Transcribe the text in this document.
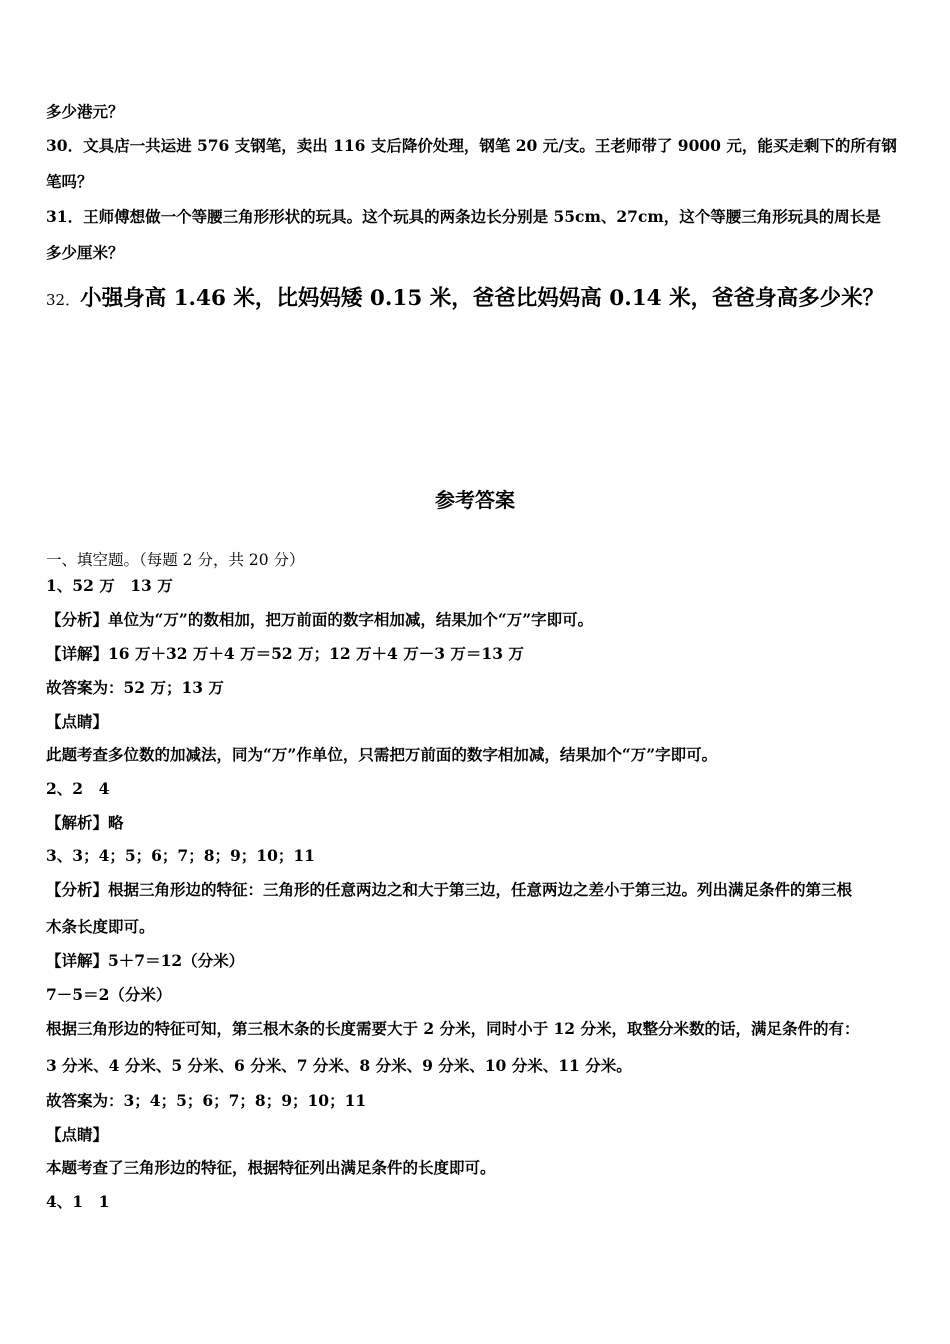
多少港元？
30．文具店一共运进 576 支钢笔，卖出 116 支后降价处理，钢笔 20 元/支。王老师带了 9000 元，能买走剩下的所有钢
笔吗？
31．王师傅想做一个等腰三角形形状的玩具。这个玩具的两条边长分别是 55cm、27cm，这个等腰三角形玩具的周长是
多少厘米？
32．小强身高 1.46 米，比妈妈矮 0.15 米，爸爸比妈妈高 0.14 米，爸爸身高多少米？
参考答案
一、填空题。（每题 2 分，共 20 分）
1、52 万　13 万
【分析】单位为“万”的数相加，把万前面的数字相加减，结果加个“万”字即可。
【详解】16 万＋32 万＋4 万＝52 万；12 万＋4 万－3 万＝13 万
故答案为：52 万；13 万
【点睛】
此题考查多位数的加减法，同为“万”作单位，只需把万前面的数字相加减，结果加个“万”字即可。
2、2　4
【解析】略
3、3；4；5；6；7；8；9；10；11
【分析】根据三角形边的特征：三角形的任意两边之和大于第三边，任意两边之差小于第三边。列出满足条件的第三根
木条长度即可。
【详解】5＋7＝12（分米）
7－5＝2（分米）
根据三角形边的特征可知，第三根木条的长度需要大于 2 分米，同时小于 12 分米，取整分米数的话，满足条件的有：
3 分米、4 分米、5 分米、6 分米、7 分米、8 分米、9 分米、10 分米、11 分米。
故答案为：3；4；5；6；7；8；9；10；11
【点睛】
本题考查了三角形边的特征，根据特征列出满足条件的长度即可。
4、1　1
